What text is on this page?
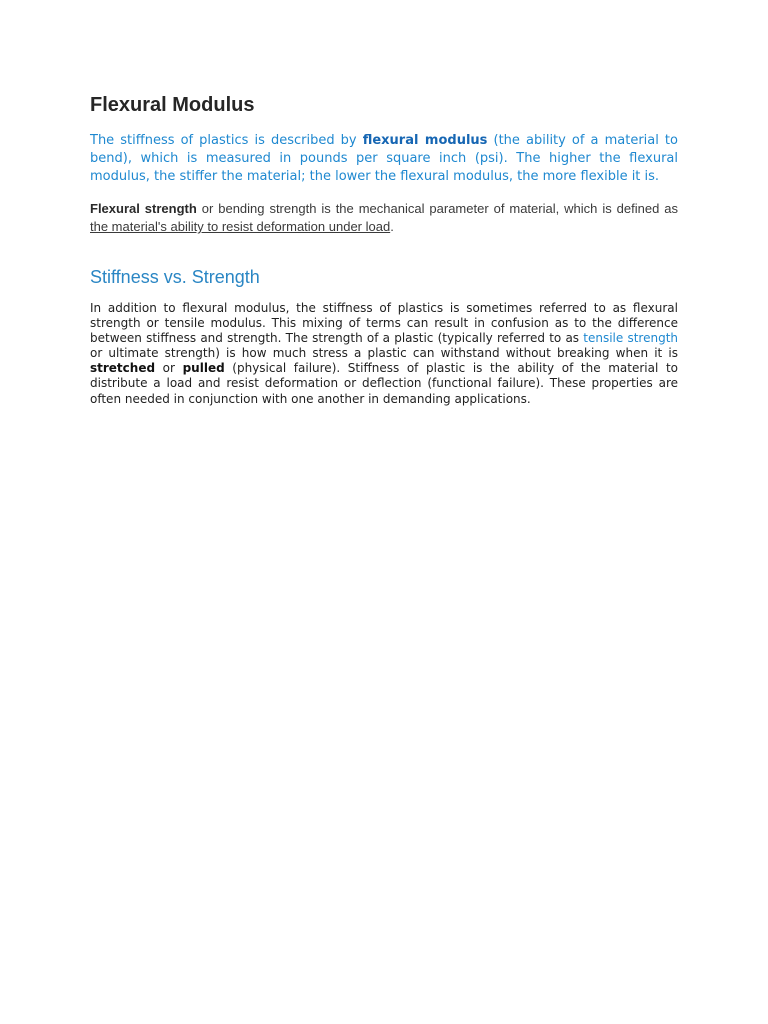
Flexural Modulus

The stiffness of plastics is described by flexural modulus (the ability of a material to bend), which is measured in pounds per square inch (psi). The higher the flexural modulus, the stiffer the material; the lower the flexural modulus, the more flexible it is.

Flexural strength or bending strength is the mechanical parameter of material, which is defined as the material's ability to resist deformation under load.

Stiffness vs. Strength

In addition to flexural modulus, the stiffness of plastics is sometimes referred to as flexural strength or tensile modulus. This mixing of terms can result in confusion as to the difference between stiffness and strength. The strength of a plastic (typically referred to as tensile strength or ultimate strength) is how much stress a plastic can withstand without breaking when it is stretched or pulled (physical failure). Stiffness of plastic is the ability of the material to distribute a load and resist deformation or deflection (functional failure). These properties are often needed in conjunction with one another in demanding applications.
